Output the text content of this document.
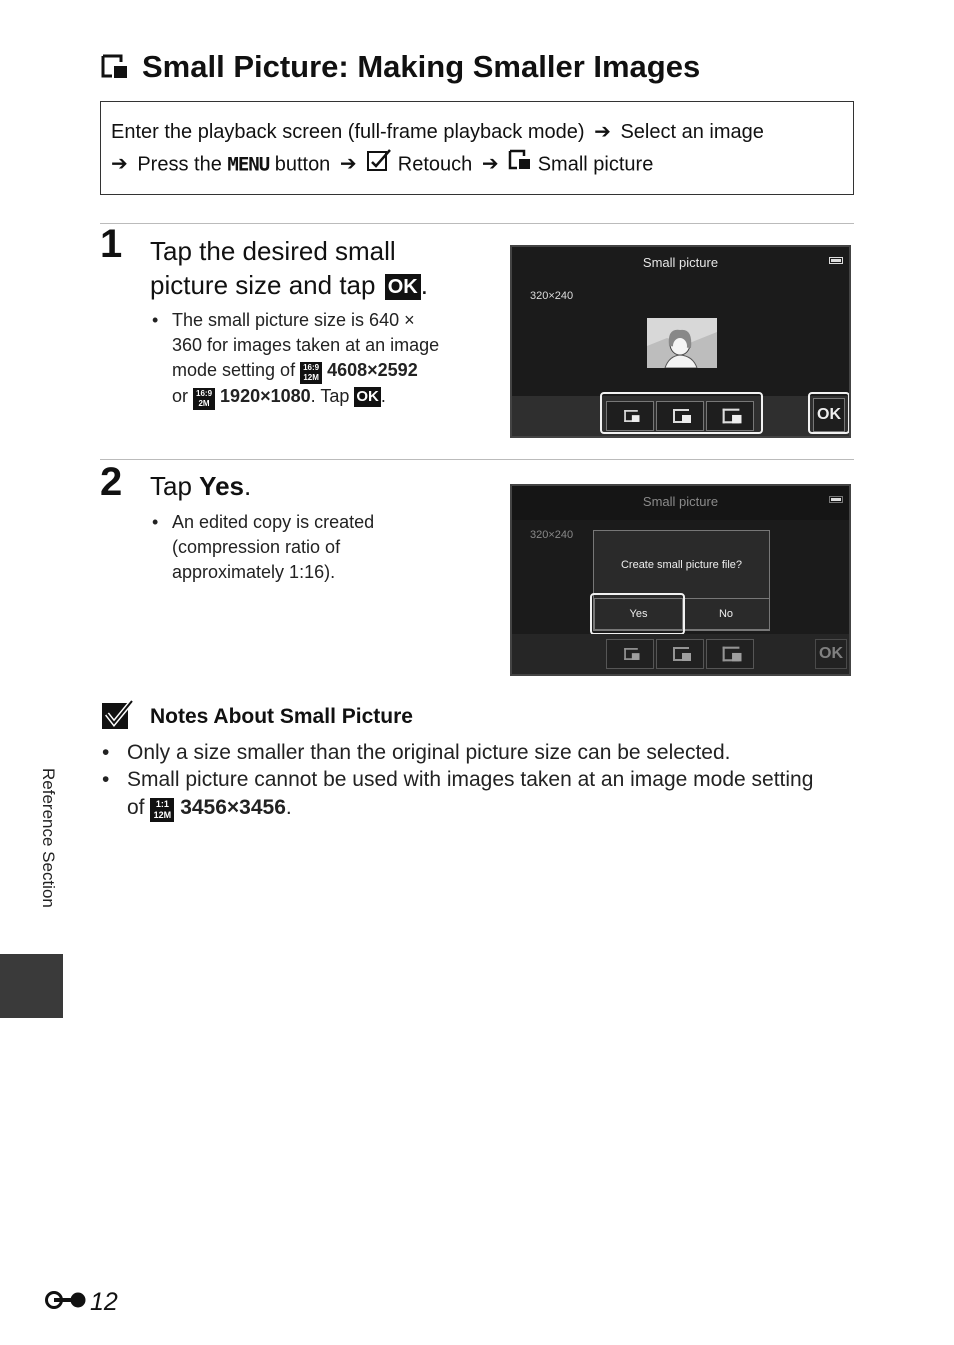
Small Picture: Making Smaller Images
Enter the playback screen (full-frame playback mode) ➔ Select an image
➔ Press the MENU button ➔ Retouch ➔ Small picture
1 Tap the desired small
picture size and tap OK .
• The small picture size is 640 ×
360 for images taken at an image
mode setting of	16:9
12M 4608×2592
or	16:9
2M 1920×1080. Tap OK .
Small picture
320×240
OK
2 Tap Yes.
• An edited copy is created
(compression ratio of
approximately 1:16).
Small picture
320×240
Create small picture file?
Yes	No
OK
Notes About Small Picture
• Only a size smaller than the original picture size can be selected.
• Small picture cannot be used with images taken at an image mode setting
of	1:1
12M 3456×3456.
Reference Section
12
